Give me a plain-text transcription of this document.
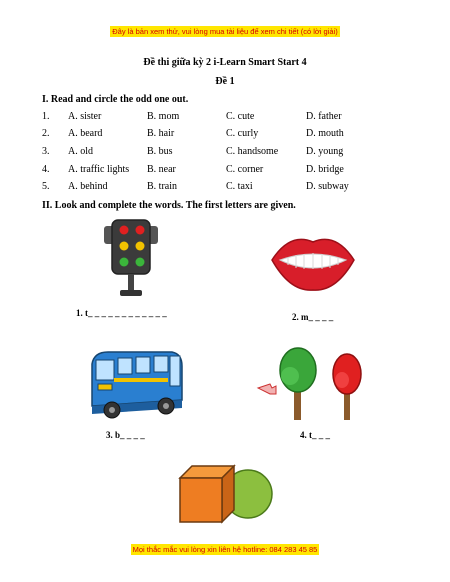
Đây là bản xem thử, vui lòng mua tài liệu để xem chi tiết (có lời giải)
Đề thi giữa kỳ 2 i-Learn Smart Start 4
Đề 1
I. Read and circle the odd one out.
1. A. sister	B. mom	C. cute	D. father
2. A. beard	B. hair	C. curly	D. mouth
3. A. old	B. bus	C. handsome	D. young
4. A. traffic lights B. near	C. corner	D. bridge
5. A. behind	B. train	C. taxi	D. subway
II. Look and complete the words. The first letters are given.
1. t_ _ _ _ _ _ _ _ _ _ _ _	2. m_ _ _ _
3. b_ _ _ _	4. t_ _ _
Mọi thắc mắc vui lòng xin liên hệ hotline: 084 283 45 85
